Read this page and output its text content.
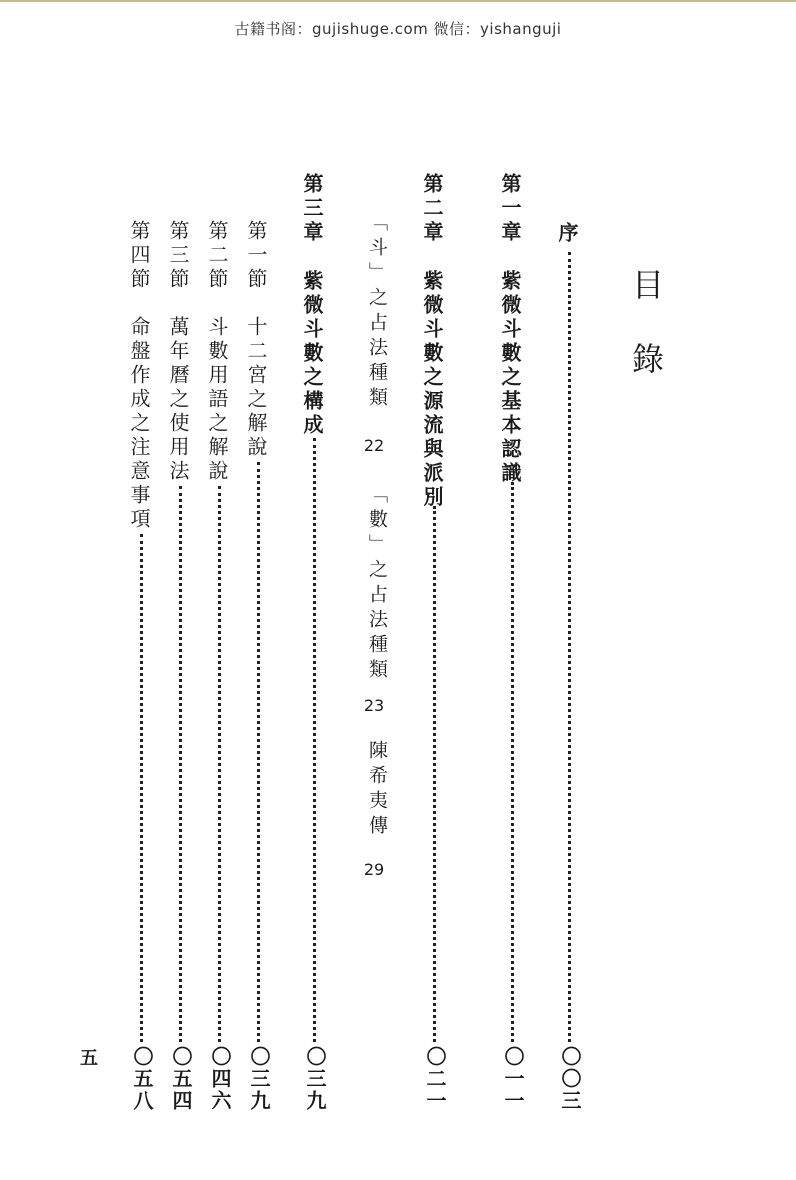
古籍书阁：gujishuge.com 微信：yishanguji
目
錄
序
〇〇三
第一章
紫微斗數之基本認識
〇一一
第二章
紫微斗數之源流與派別
〇二一
「斗」之占法種類
22
「數」之占法種類
23
陳希夷傳
29
第三章
紫微斗數之構成
〇三九
第一節
十二宮之解說
〇三九
第二節
斗數用語之解說
〇四六
第三節
萬年曆之使用法
〇五四
第四節
命盤作成之注意事項
〇五八
五
